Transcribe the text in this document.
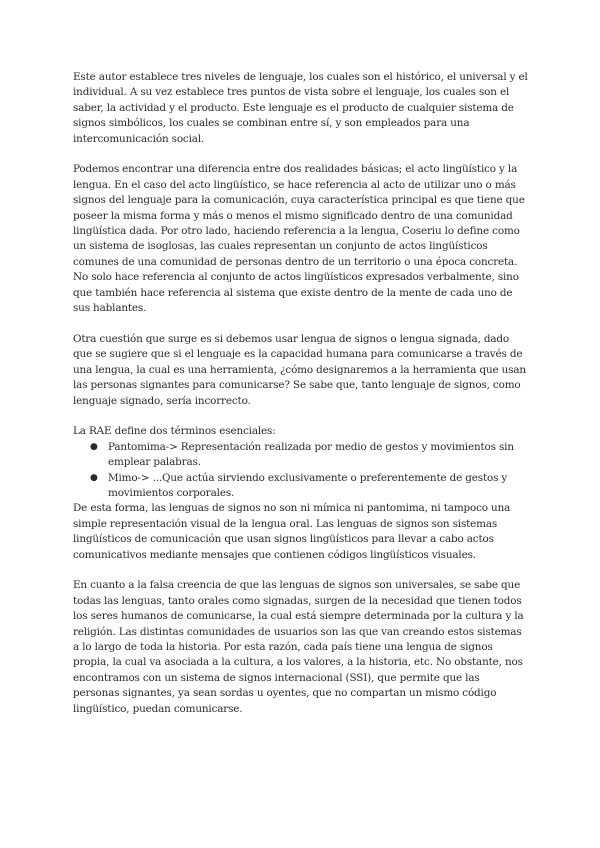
Este autor establece tres niveles de lenguaje, los cuales son el histórico, el universal y el individual. A su vez establece tres puntos de vista sobre el lenguaje, los cuales son el saber, la actividad y el producto. Este lenguaje es el producto de cualquier sistema de signos simbólicos, los cuales se combinan entre sí, y son empleados para una intercomunicación social.

Podemos encontrar una diferencia entre dos realidades básicas; el acto lingüístico y la lengua. En el caso del acto lingüístico, se hace referencia al acto de utilizar uno o más signos del lenguaje para la comunicación, cuya característica principal es que tiene que poseer la misma forma y más o menos el mismo significado dentro de una comunidad lingüística dada. Por otro lado, haciendo referencia a la lengua, Coseriu lo define como un sistema de isoglosas, las cuales representan un conjunto de actos lingüísticos comunes de una comunidad de personas dentro de un territorio o una época concreta. No solo hace referencia al conjunto de actos lingüísticos expresados verbalmente, sino que también hace referencia al sistema que existe dentro de la mente de cada uno de sus hablantes.

Otra cuestión que surge es si debemos usar lengua de signos o lengua signada, dado que se sugiere que si el lenguaje es la capacidad humana para comunicarse a través de una lengua, la cual es una herramienta, ¿cómo designaremos a la herramienta que usan las personas signantes para comunicarse? Se sabe que, tanto lenguaje de signos, como lenguaje signado, sería incorrecto.

La RAE define dos términos esenciales:

● Pantomima-> Representación realizada por medio de gestos y movimientos sin emplear palabras.
● Mimo-> ...Que actúa sirviendo exclusivamente o preferentemente de gestos y movimientos corporales.

De esta forma, las lenguas de signos no son ni mímica ni pantomima, ni tampoco una simple representación visual de la lengua oral. Las lenguas de signos son sistemas lingüísticos de comunicación que usan signos lingüísticos para llevar a cabo actos comunicativos mediante mensajes que contienen códigos lingüísticos visuales.

En cuanto a la falsa creencia de que las lenguas de signos son universales, se sabe que todas las lenguas, tanto orales como signadas, surgen de la necesidad que tienen todos los seres humanos de comunicarse, la cual está siempre determinada por la cultura y la religión. Las distintas comunidades de usuarios son las que van creando estos sistemas a lo largo de toda la historia. Por esta razón, cada país tiene una lengua de signos propia, la cual va asociada a la cultura, a los valores, a la historia, etc. No obstante, nos encontramos con un sistema de signos internacional (SSI), que permite que las personas signantes, ya sean sordas u oyentes, que no compartan un mismo código lingüístico, puedan comunicarse.
